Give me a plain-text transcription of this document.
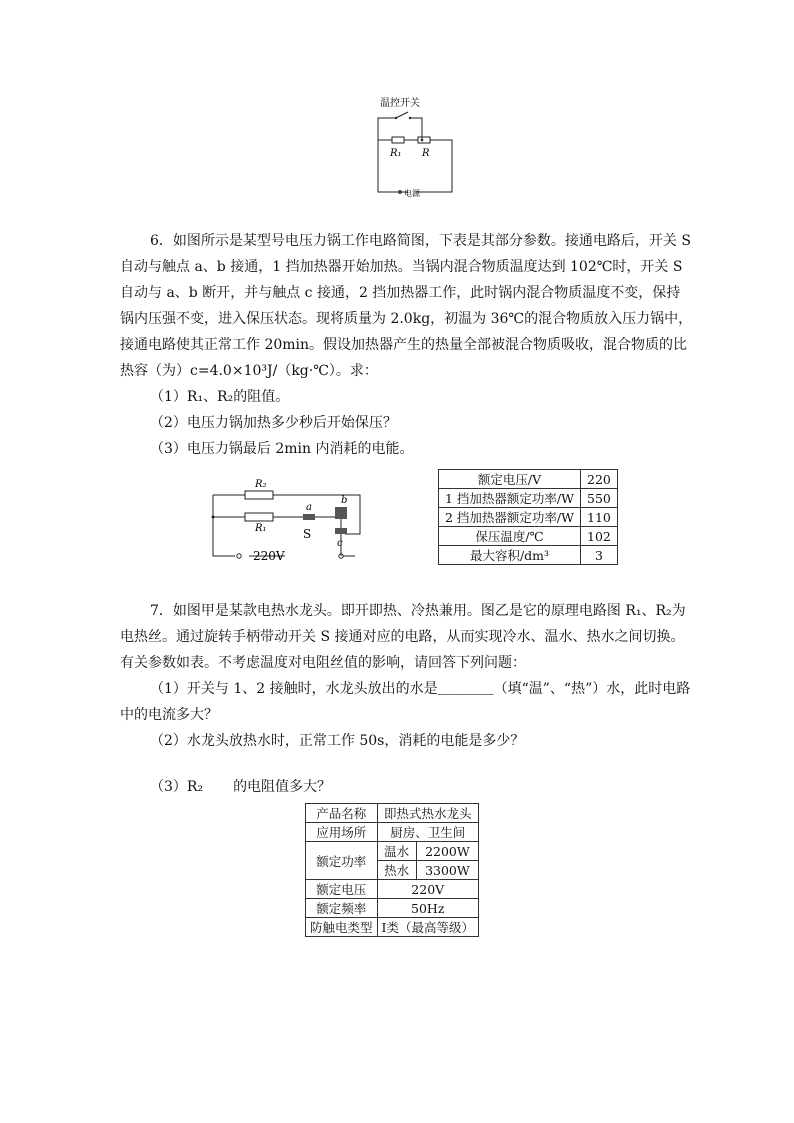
温控开关
R₁ R
电源
6．如图所示是某型号电压力锅工作电路简图，下表是其部分参数。接通电路后，开关 S
自动与触点 a、b 接通，1 挡加热器开始加热。当锅内混合物质温度达到 102℃时，开关 S
自动与 a、b 断开，并与触点 c 接通，2 挡加热器工作，此时锅内混合物质温度不变，保持
锅内压强不变，进入保压状态。现将质量为 2.0kg，初温为 36℃的混合物质放入压力锅中，
接通电路使其正常工作 20min。假设加热器产生的热量全部被混合物质吸收，混合物质的比
热容（为）c=4.0×10³J/（kg·℃）。求：
（1）R₁、R₂的阻值。
（2）电压力锅加热多少秒后开始保压？
（3）电压力锅最后 2min 内消耗的电能。
220V
R₂
R₁
a
b
c
S
额定电压/V	220
1 挡加热器额定功率/W	550
2 挡加热器额定功率/W	110
保压温度/℃	102
最大容积/dm³	3
7．如图甲是某款电热水龙头。即开即热、冷热兼用。图乙是它的原理电路图 R₁、R₂为
电热丝。通过旋转手柄带动开关 S 接通对应的电路，从而实现冷水、温水、热水之间切换。
有关参数如表。不考虑温度对电阻丝值的影响，请回答下列问题：
（1）开关与 1、2 接触时，水龙头放出的水是＿＿＿＿（填“温”、“热”）水，此时电路
中的电流多大？
（2）水龙头放热水时，正常工作 50s，消耗的电能是多少？
（3）R₂ 的电阻值多大？
产品名称	即热式热水龙头	
应用场所	厨房、卫生间	
额定功率	温水	2200W
	热水	3300W
额定电压	220V	
额定频率	50Hz	
防触电类型	Ⅰ类（最高等级）	
